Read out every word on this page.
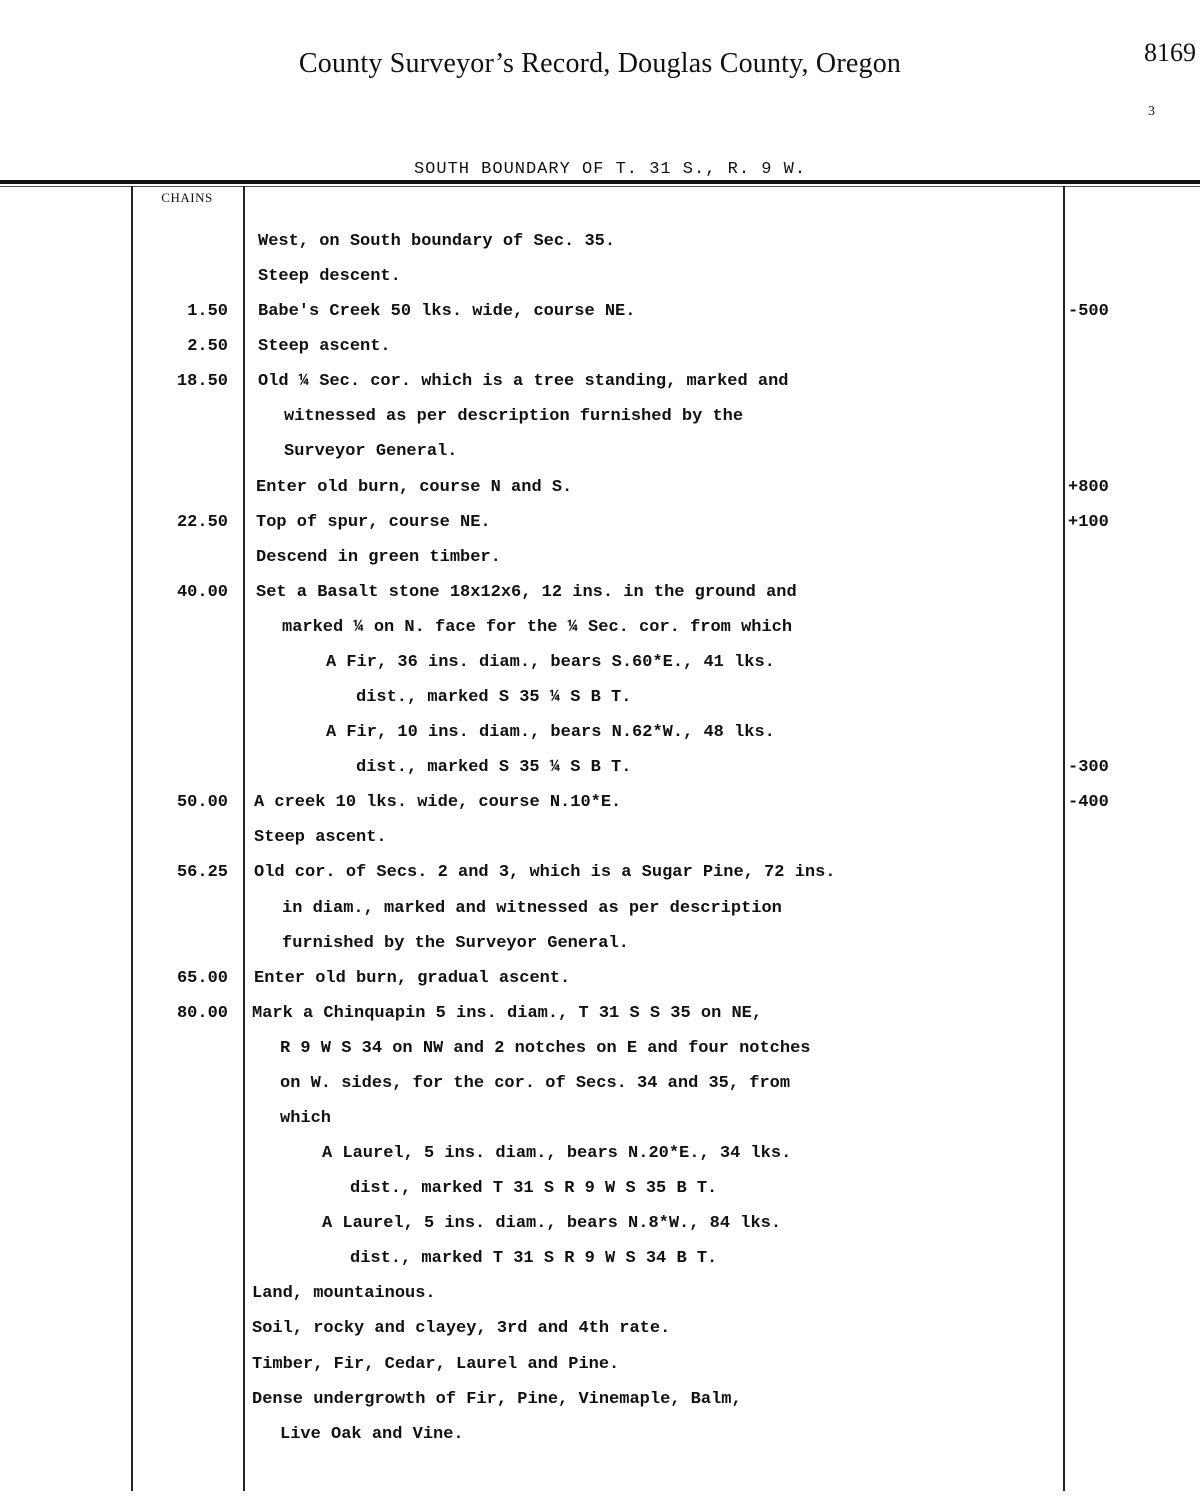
County Surveyor’s Record, Douglas County, Oregon	8169
3
SOUTH BOUNDARY OF T. 31 S., R. 9 W.
CHAINS
West, on South boundary of Sec. 35.
Steep descent.
1.50 Babe's Creek 50 lks. wide, course NE.	-500
2.50 Steep ascent.
18.50 Old ¼ Sec. cor. which is a tree standing, marked and
witnessed as per description furnished by the
Surveyor General.
Enter old burn, course N and S.	+800
22.50 Top of spur, course NE.	+100
Descend in green timber.
40.00 Set a Basalt stone 18x12x6, 12 ins. in the ground and
marked ¼ on N. face for the ¼ Sec. cor. from which
A Fir, 36 ins. diam., bears S.60*E., 41 lks.
dist., marked S 35 ¼ S B T.
A Fir, 10 ins. diam., bears N.62*W., 48 lks.
dist., marked S 35 ¼ S B T.	-300
50.00 A creek 10 lks. wide, course N.10*E.	-400
Steep ascent.
56.25 Old cor. of Secs. 2 and 3, which is a Sugar Pine, 72 ins.
in diam., marked and witnessed as per description
furnished by the Surveyor General.
65.00 Enter old burn, gradual ascent.
80.00 Mark a Chinquapin 5 ins. diam., T 31 S S 35 on NE,
R 9 W S 34 on NW and 2 notches on E and four notches
on W. sides, for the cor. of Secs. 34 and 35, from
which
A Laurel, 5 ins. diam., bears N.20*E., 34 lks.
dist., marked T 31 S R 9 W S 35 B T.
A Laurel, 5 ins. diam., bears N.8*W., 84 lks.
dist., marked T 31 S R 9 W S 34 B T.
Land, mountainous.
Soil, rocky and clayey, 3rd and 4th rate.
Timber, Fir, Cedar, Laurel and Pine.
Dense undergrowth of Fir, Pine, Vinemaple, Balm,
Live Oak and Vine.
